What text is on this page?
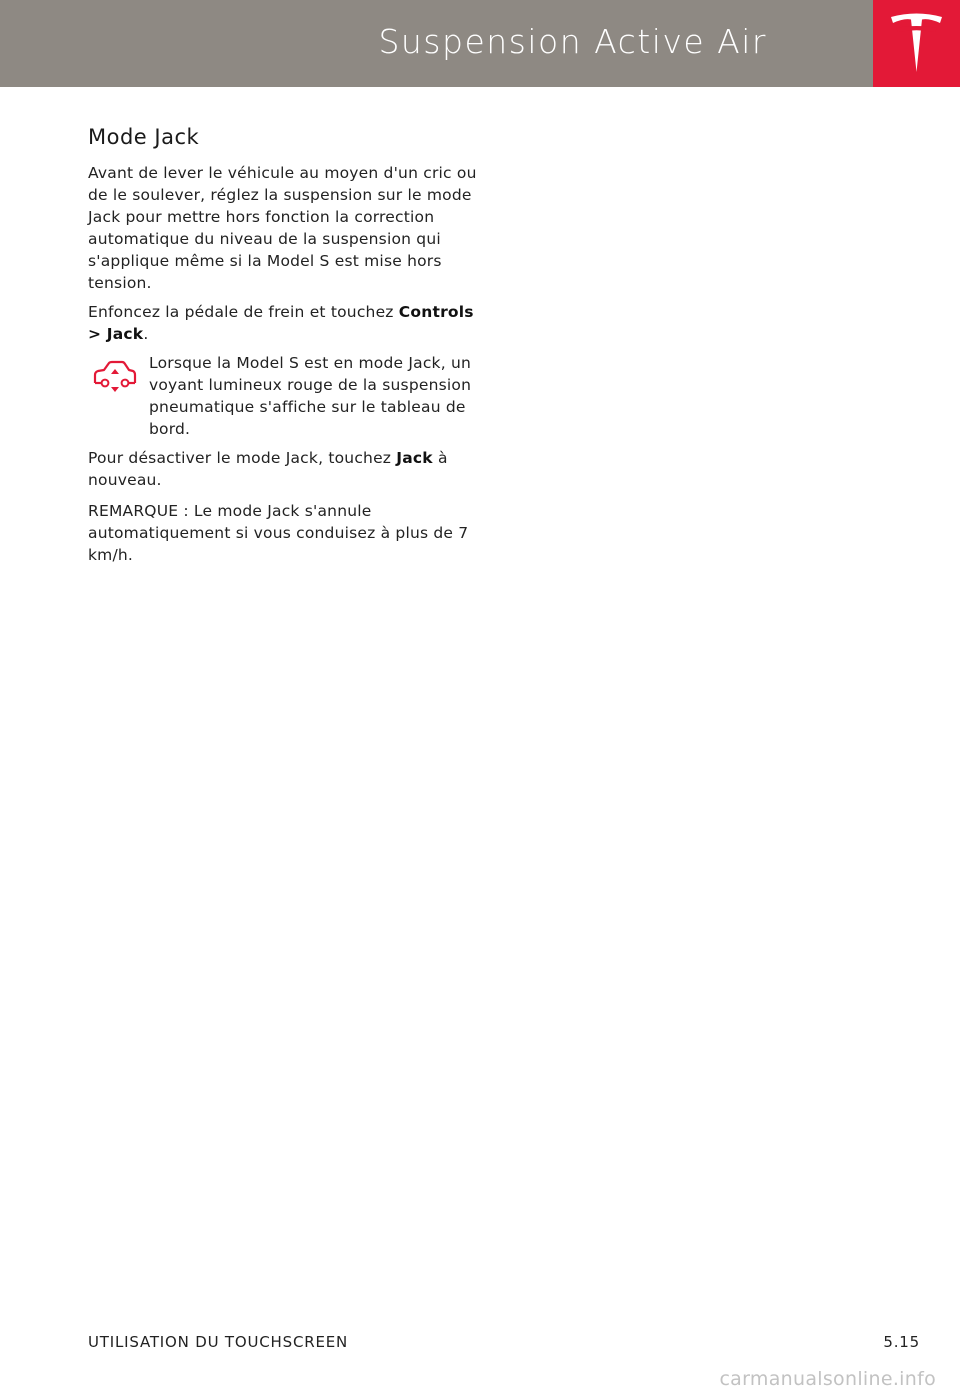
Suspension Active Air
Mode Jack

Avant de lever le véhicule au moyen d'un cric ou de le soulever, réglez la suspension sur le mode Jack pour mettre hors fonction la correction automatique du niveau de la suspension qui s'applique même si la Model S est mise hors tension.

Enfoncez la pédale de frein et touchez Controls > Jack.

Lorsque la Model S est en mode Jack, un voyant lumineux rouge de la suspension pneumatique s'affiche sur le tableau de bord.

Pour désactiver le mode Jack, touchez Jack à nouveau.

REMARQUE : Le mode Jack s'annule automatiquement si vous conduisez à plus de 7 km/h.

UTILISATION DU TOUCHSCREEN	5.15
carmanualsonline.info
